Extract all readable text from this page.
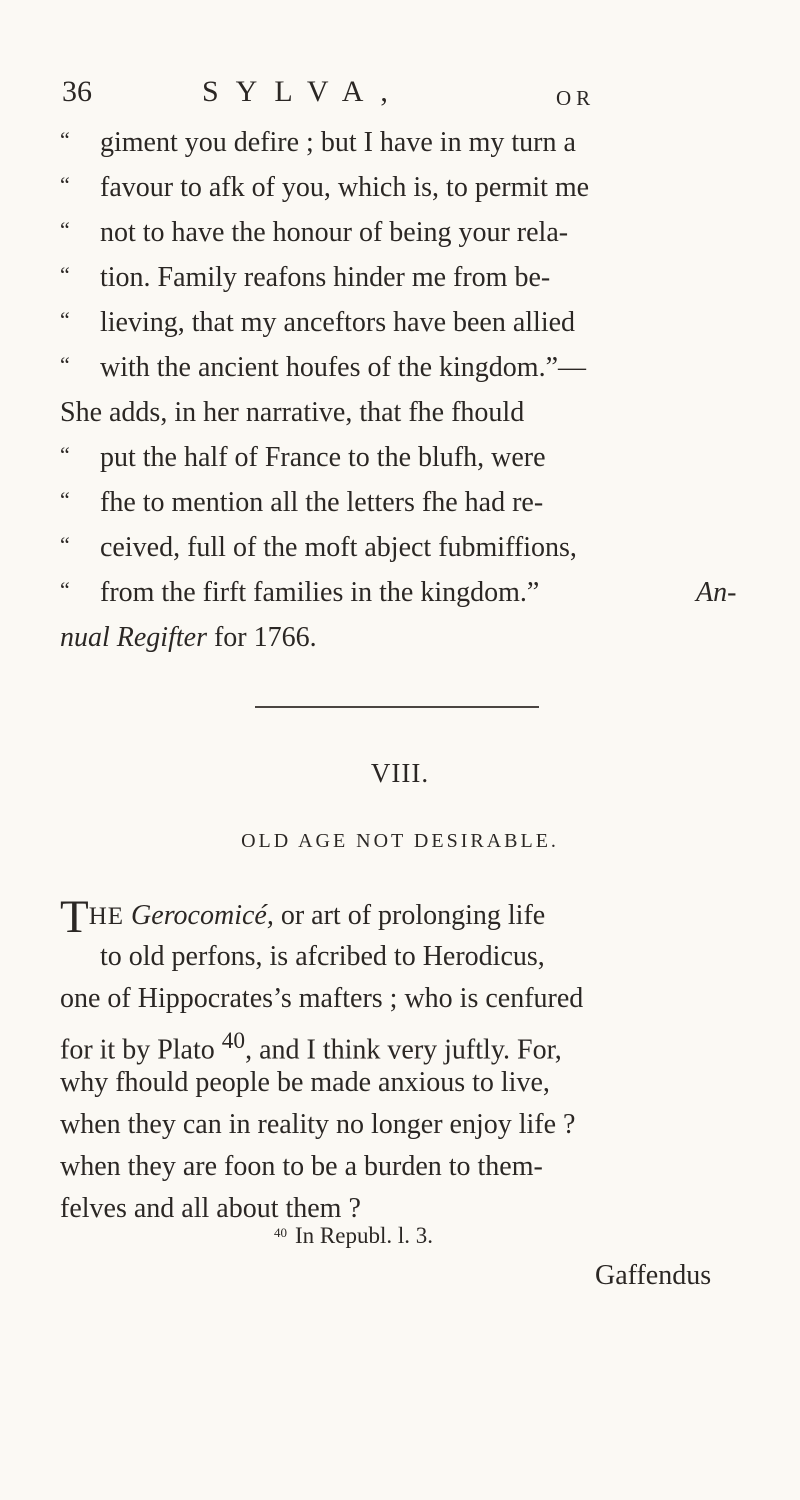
36	SYLVA,	OR
“	giment you defire ; but I have in my turn a
“	favour to afk of you, which is, to permit me
“	not to have the honour of being your rela-
“	tion. Family reafons hinder me from be-
“	lieving, that my anceftors have been allied
“	with the ancient houfes of the kingdom.”—
She adds, in her narrative, that fhe fhould
“	put the half of France to the blufh, were
“	fhe to mention all the letters fhe had re-
“	ceived, full of the moft abject fubmiffions,
“	from the firft families in the kingdom.”	An-
nual Regifter for 1766.
VIII.
OLD AGE NOT DESIRABLE.
THE Gerocomicé, or art of prolonging life
to old perfons, is afcribed to Herodicus,
one of Hippocrates’s mafters ; who is cenfured
for it by Plato $^{40}$, and I think very juftly. For,
why fhould people be made anxious to live,
when they can in reality no longer enjoy life ?
when they are foon to be a burden to them-
felves and all about them ?
$^{40}$ In Republ. l. 3.
Gaffendus
